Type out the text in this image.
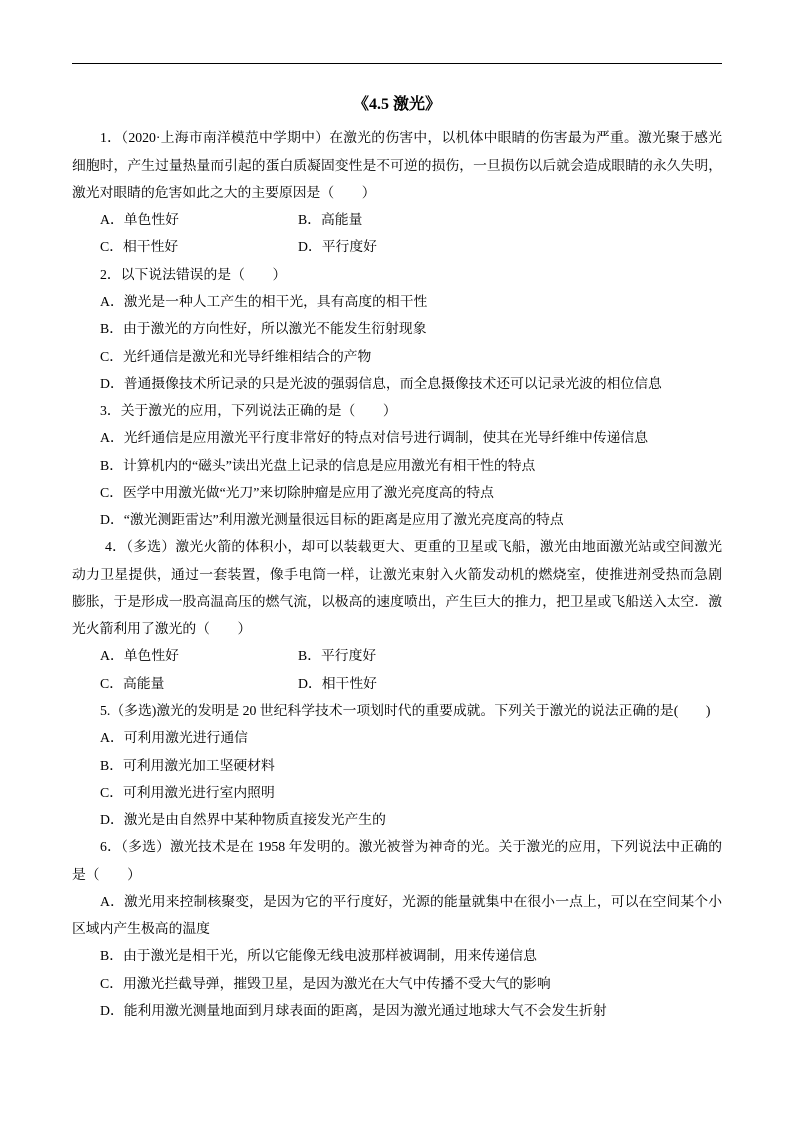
《4.5 激光》
1．（2020·上海市南洋模范中学期中）在激光的伤害中，以机体中眼睛的伤害最为严重。激光聚于感光
细胞时，产生过量热量而引起的蛋白质凝固变性是不可逆的损伤，一旦损伤以后就会造成眼睛的永久失明，
激光对眼睛的危害如此之大的主要原因是（　　）
A．单色性好	B．高能量
C．相干性好	D．平行度好
2．以下说法错误的是（　　）
A．激光是一种人工产生的相干光，具有高度的相干性
B．由于激光的方向性好，所以激光不能发生衍射现象
C．光纤通信是激光和光导纤维相结合的产物
D．普通摄像技术所记录的只是光波的强弱信息，而全息摄像技术还可以记录光波的相位信息
3．关于激光的应用，下列说法正确的是（　　）
A．光纤通信是应用激光平行度非常好的特点对信号进行调制，使其在光导纤维中传递信息
B．计算机内的“磁头”读出光盘上记录的信息是应用激光有相干性的特点
C．医学中用激光做“光刀”来切除肿瘤是应用了激光亮度高的特点
D．“激光测距雷达”利用激光测量很远目标的距离是应用了激光亮度高的特点
4．（多选）激光火箭的体积小，却可以装载更大、更重的卫星或飞船，激光由地面激光站或空间激光
动力卫星提供，通过一套装置，像手电筒一样，让激光束射入火箭发动机的燃烧室，使推进剂受热而急剧
膨胀，于是形成一股高温高压的燃气流，以极高的速度喷出，产生巨大的推力，把卫星或飞船送入太空．激
光火箭利用了激光的（　　）
A．单色性好	B．平行度好
C．高能量	D．相干性好
5.（多选)激光的发明是 20 世纪科学技术一项划时代的重要成就。下列关于激光的说法正确的是(　　)
A．可利用激光进行通信
B．可利用激光加工坚硬材料
C．可利用激光进行室内照明
D．激光是由自然界中某种物质直接发光产生的
6．（多选）激光技术是在 1958 年发明的。激光被誉为神奇的光。关于激光的应用，下列说法中正确的
是（　　）
A．激光用来控制核聚变，是因为它的平行度好，光源的能量就集中在很小一点上，可以在空间某个小
区域内产生极高的温度
B．由于激光是相干光，所以它能像无线电波那样被调制，用来传递信息
C．用激光拦截导弹，摧毁卫星，是因为激光在大气中传播不受大气的影响
D．能利用激光测量地面到月球表面的距离，是因为激光通过地球大气不会发生折射
